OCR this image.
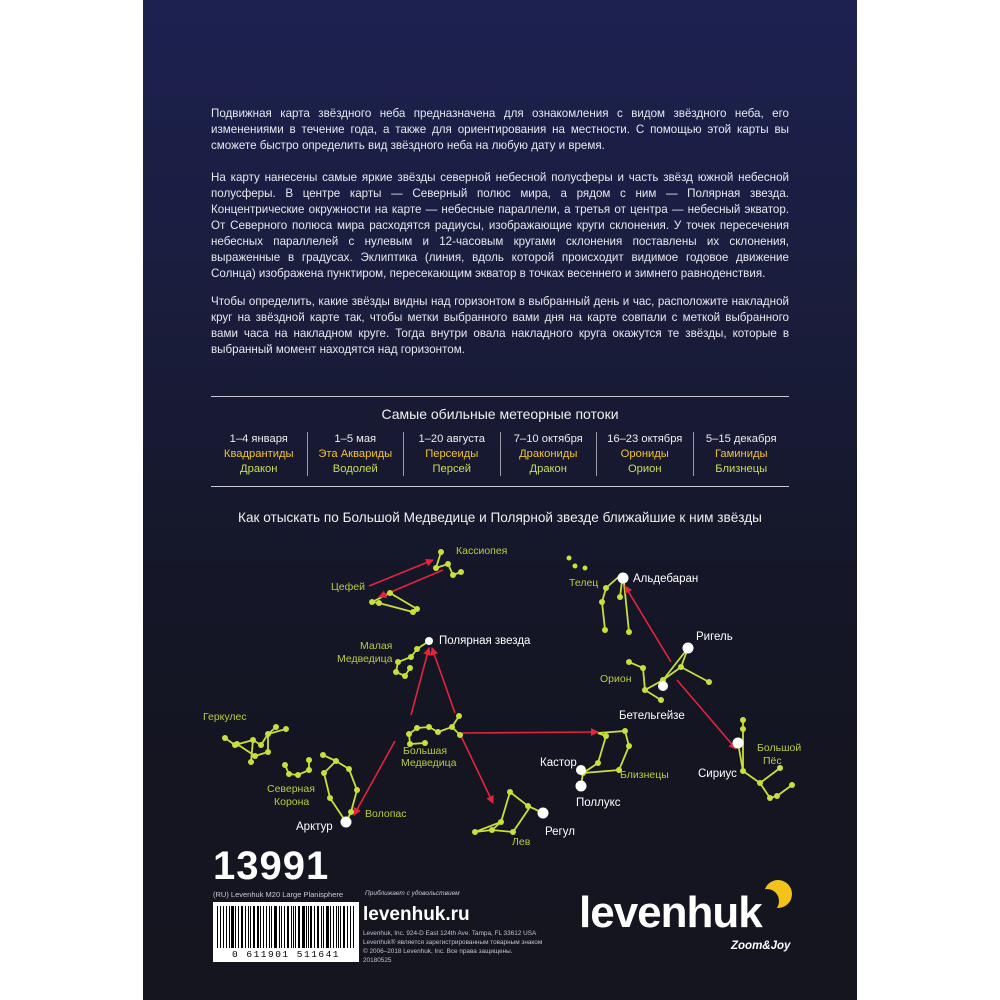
Подвижная карта звёздного неба предназначена для ознакомления с видом звёздного неба, его изменениями в течение года, а также для ориентирования на местности. С помощью этой карты вы сможете быстро определить вид звёздного неба на любую дату и время.

На карту нанесены самые яркие звёзды северной небесной полусферы и часть звёзд южной небесной полусферы. В центре карты — Северный полюс мира, а рядом с ним — Полярная звезда. Концентрические окружности на карте — небесные параллели, а третья от центра — небесный экватор. От Северного полюса мира расходятся радиусы, изображающие круги склонения. У точек пересечения небесных параллелей с нулевым и 12-часовым кругами склонения поставлены их склонения, выраженные в градусах. Эклиптика (линия, вдоль которой происходит видимое годовое движение Солнца) изображена пунктиром, пересекающим экватор в точках весеннего и зимнего равноденствия.

Чтобы определить, какие звёзды видны над горизонтом в выбранный день и час, расположите накладной круг на звёздной карте так, чтобы метки выбранного вами дня на карте совпали с меткой выбранного вами часа на накладном круге. Тогда внутри овала накладного круга окажутся те звёзды, которые в выбранный момент находятся над горизонтом.

Самые обильные метеорные потоки
1–4 января
Квадрантиды
Дракон
1–5 мая
Эта Аквариды
Водолей
1–20 августа
Персеиды
Персей
7–10 октября
Дракониды
Дракон
16–23 октября
Орониды
Орион
5–15 декабря
Гаминиды
Близнецы
Как отыскать по Большой Медведице и Полярной звезде ближайшие к ним звёзды
Кассиопея
Цефей
Малая
Медведица
Геркулес
Северная
Корона
Волопас
Большая
Медведица
Лев
Близнецы
Телец
Орион
Большой
Пёс
Полярная звезда
Арктур	Регул
Кастор
Поллукс
Альдебаран
Ригель
Бетельгейзе
Сириус
13991
(RU) Levenhuk M20 Large Planisphere	Приближает с удовольствием
0 611901 511641
levenhuk.ru
Levenhuk, Inc. 924-D East 124th Ave. Tampa, FL 33612 USA
Levenhuk® является зарегистрированным товарным знаком
© 2006–2018 Levenhuk, Inc. Все права защищены.
20180525
levenhuk
Zoom&Joy
